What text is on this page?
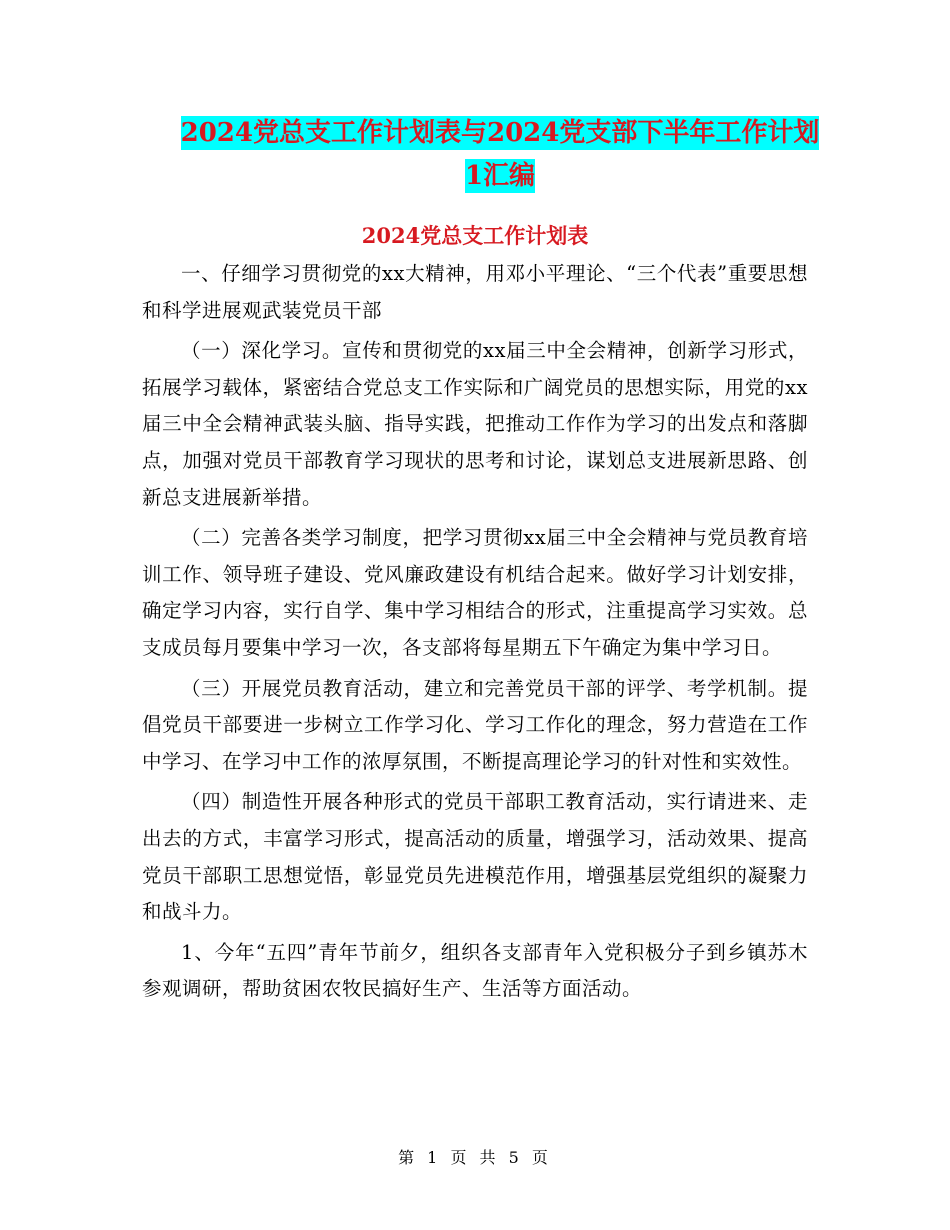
2024党总支工作计划表与2024党支部下半年工作计划
1汇编
2024党总支工作计划表

一、仔细学习贯彻党的xx大精神，用邓小平理论、“三个代表”重要思想和科学进展观武装党员干部

（一）深化学习。宣传和贯彻党的xx届三中全会精神，创新学习形式，拓展学习载体，紧密结合党总支工作实际和广阔党员的思想实际，用党的xx届三中全会精神武装头脑、指导实践，把推动工作作为学习的出发点和落脚点，加强对党员干部教育学习现状的思考和讨论，谋划总支进展新思路、创新总支进展新举措。

（二）完善各类学习制度，把学习贯彻xx届三中全会精神与党员教育培训工作、领导班子建设、党风廉政建设有机结合起来。做好学习计划安排，确定学习内容，实行自学、集中学习相结合的形式，注重提高学习实效。总支成员每月要集中学习一次，各支部将每星期五下午确定为集中学习日。

（三）开展党员教育活动，建立和完善党员干部的评学、考学机制。提倡党员干部要进一步树立工作学习化、学习工作化的理念，努力营造在工作中学习、在学习中工作的浓厚氛围，不断提高理论学习的针对性和实效性。

（四）制造性开展各种形式的党员干部职工教育活动，实行请进来、走出去的方式，丰富学习形式，提高活动的质量，增强学习，活动效果、提高党员干部职工思想觉悟，彰显党员先进模范作用，增强基层党组织的凝聚力和战斗力。

1、今年“五四”青年节前夕，组织各支部青年入党积极分子到乡镇苏木参观调研，帮助贫困农牧民搞好生产、生活等方面活动。

第 1 页 共 5 页
